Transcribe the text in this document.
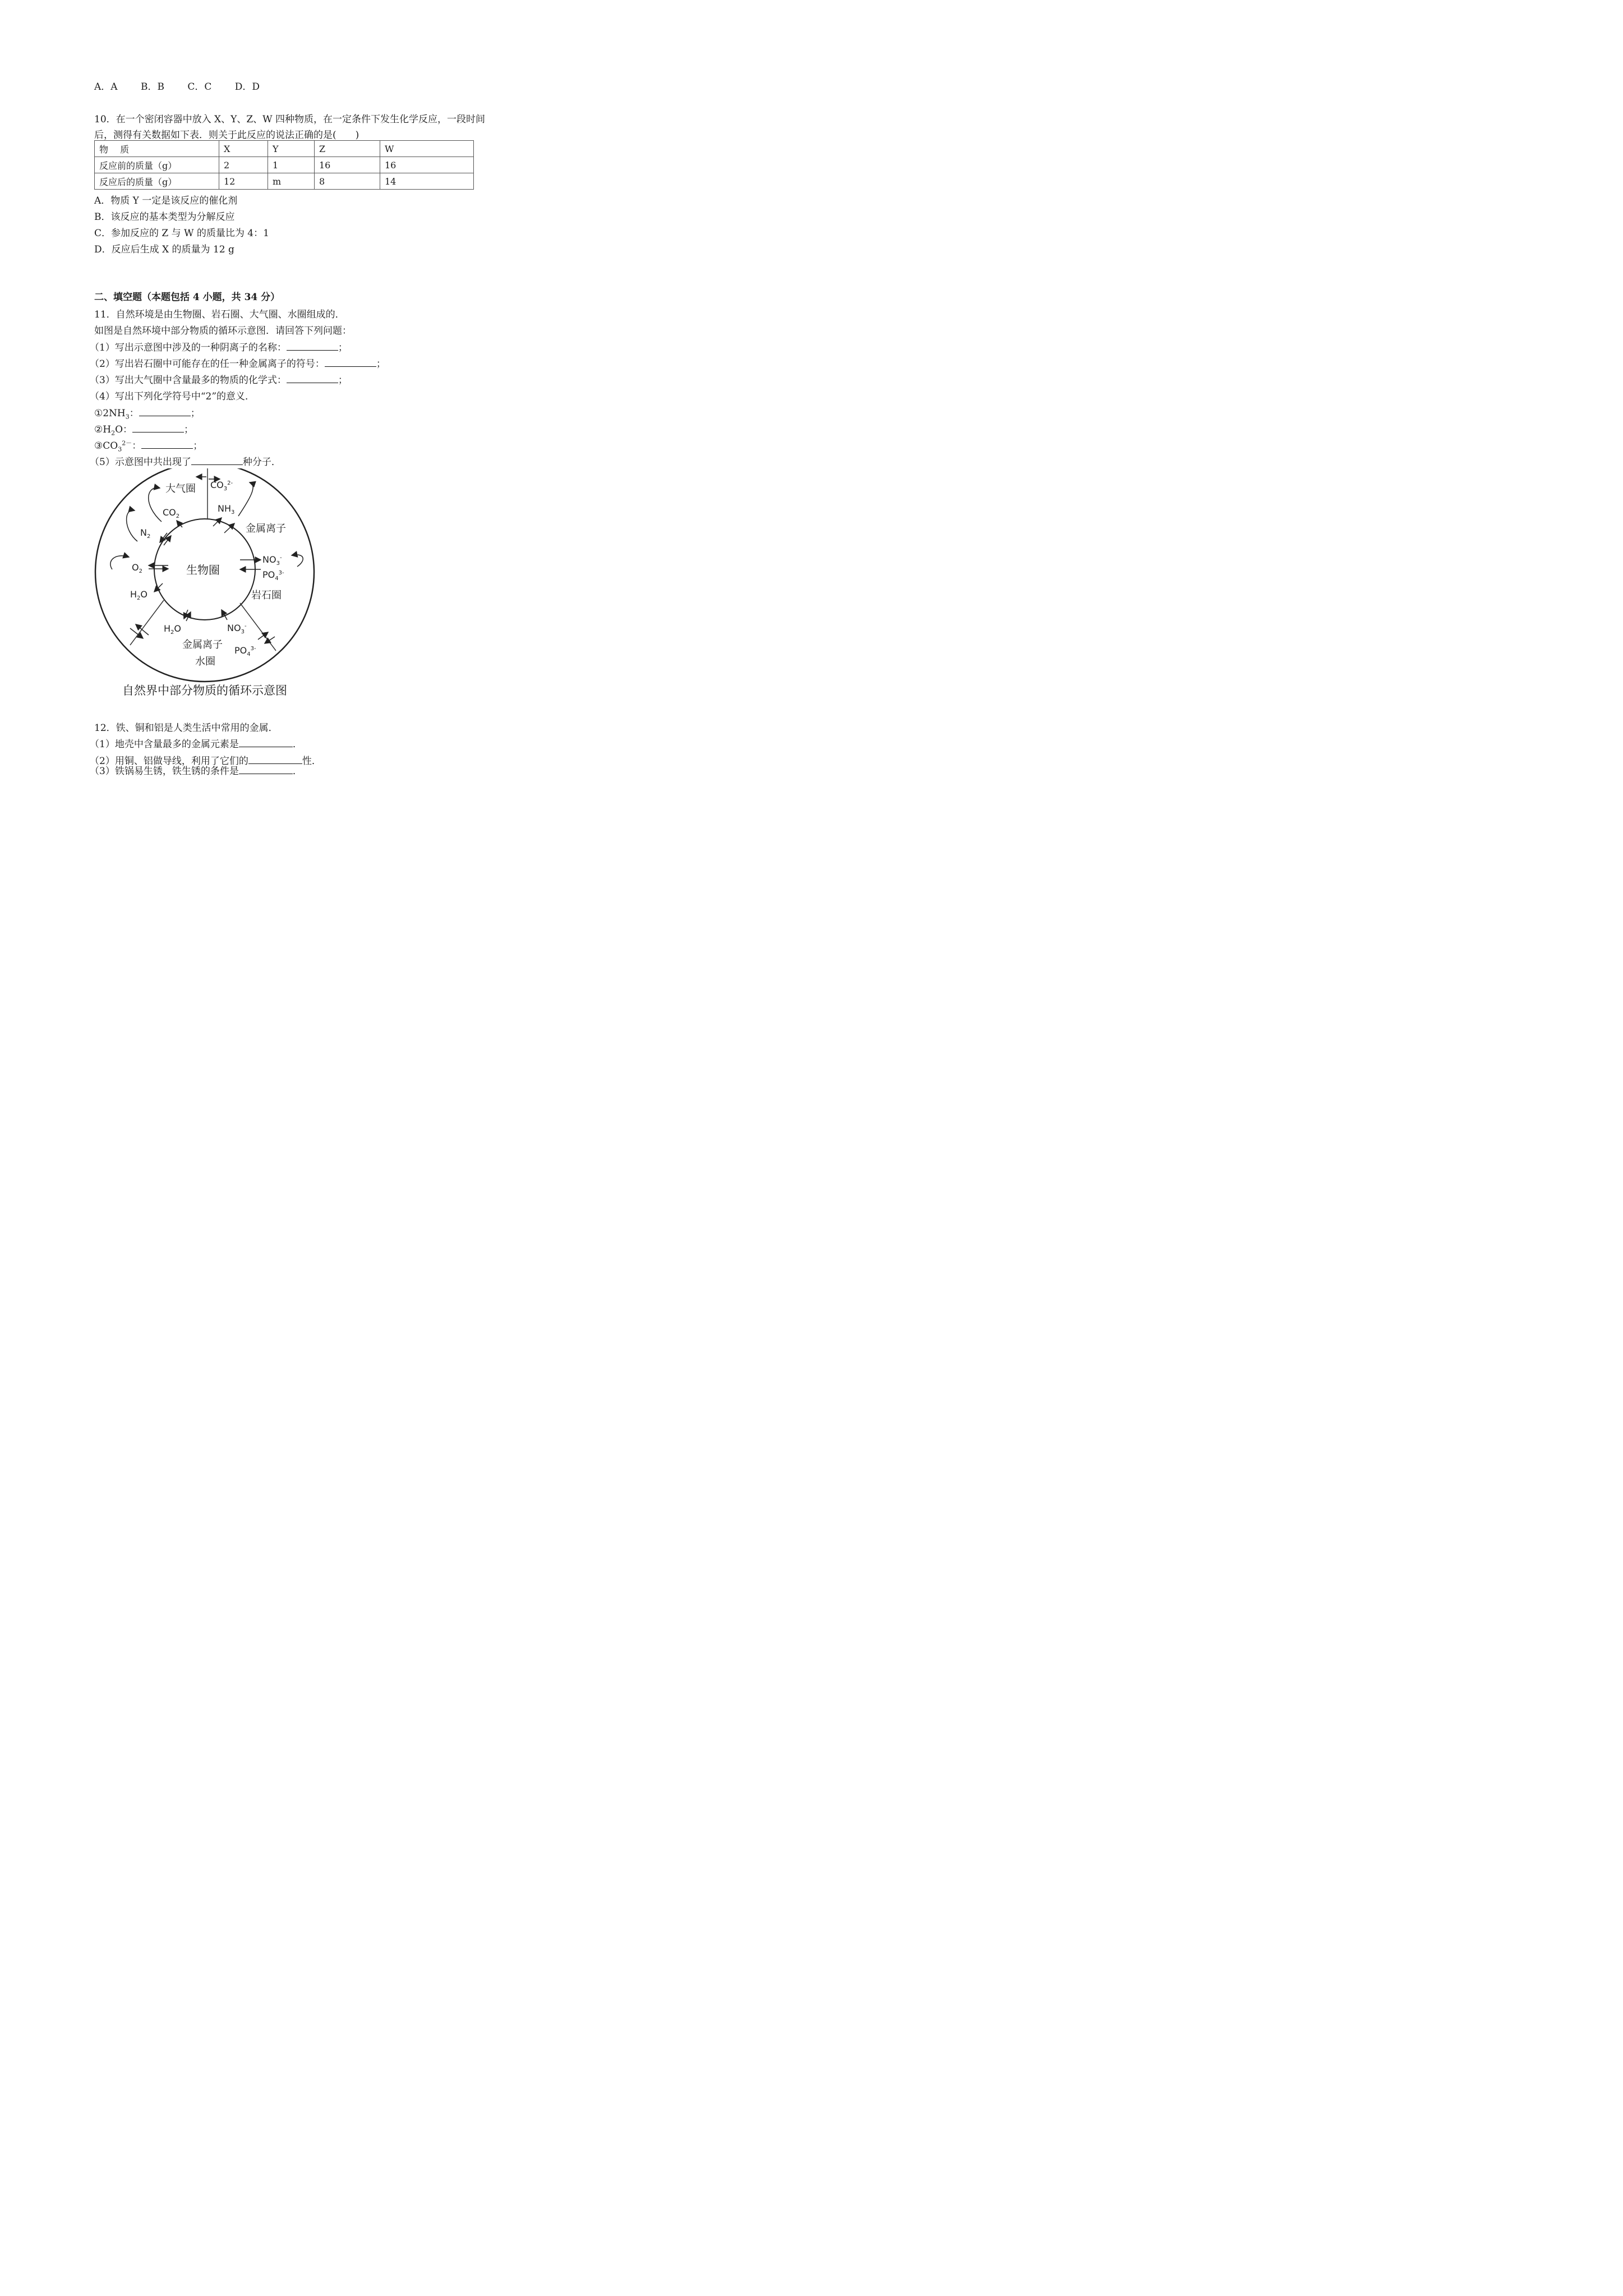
A．A B．B C．C D．D
10．在一个密闭容器中放入 X、Y、Z、W 四种物质，在一定条件下发生化学反应，一段时间
后，测得有关数据如下表．则关于此反应的说法正确的是(　　)
物　 质	X	Y	Z	W
反应前的质量（g）	2	1	16	16
反应后的质量（g）	12	m	8	14
A．物质 Y 一定是该反应的催化剂
B．该反应的基本类型为分解反应
C．参加反应的 Z 与 W 的质量比为 4：1
D．反应后生成 X 的质量为 12 g
二、填空题（本题包括 4 小题，共 34 分）
11．自然环境是由生物圈、岩石圈、大气圈、水圈组成的．
如图是自然环境中部分物质的循环示意图．请回答下列问题：
（1）写出示意图中涉及的一种阴离子的名称：	；
（2）写出岩石圈中可能存在的任一种金属离子的符号：	；
（3）写出大气圈中含量最多的物质的化学式：	；
（4）写出下列化学符号中“2”的意义．
$①2NH_3$：	；
$②H_2O$：	；
$③CO_3^{2-}$：	；
（5）示意图中共出现了	种分子．
大气圈 $CO_3^{2-}$
$CO_2$
$NH_3$
$N_2$
金属离子
$O_2$	生物圈
$NO_3^-$
$PO_4^{3-}$
$H_2O$	岩石圈
$H_2O$	$NO_3^-$
金属离子 $PO_4^{3-}$
水圈
自然界中部分物质的循环示意图
12．铁、铜和铝是人类生活中常用的金属．
（1）地壳中含量最多的金属元素是	．
（2）用铜、铝做导线，利用了它们的	性．
（3）铁锅易生锈，铁生锈的条件是	．
